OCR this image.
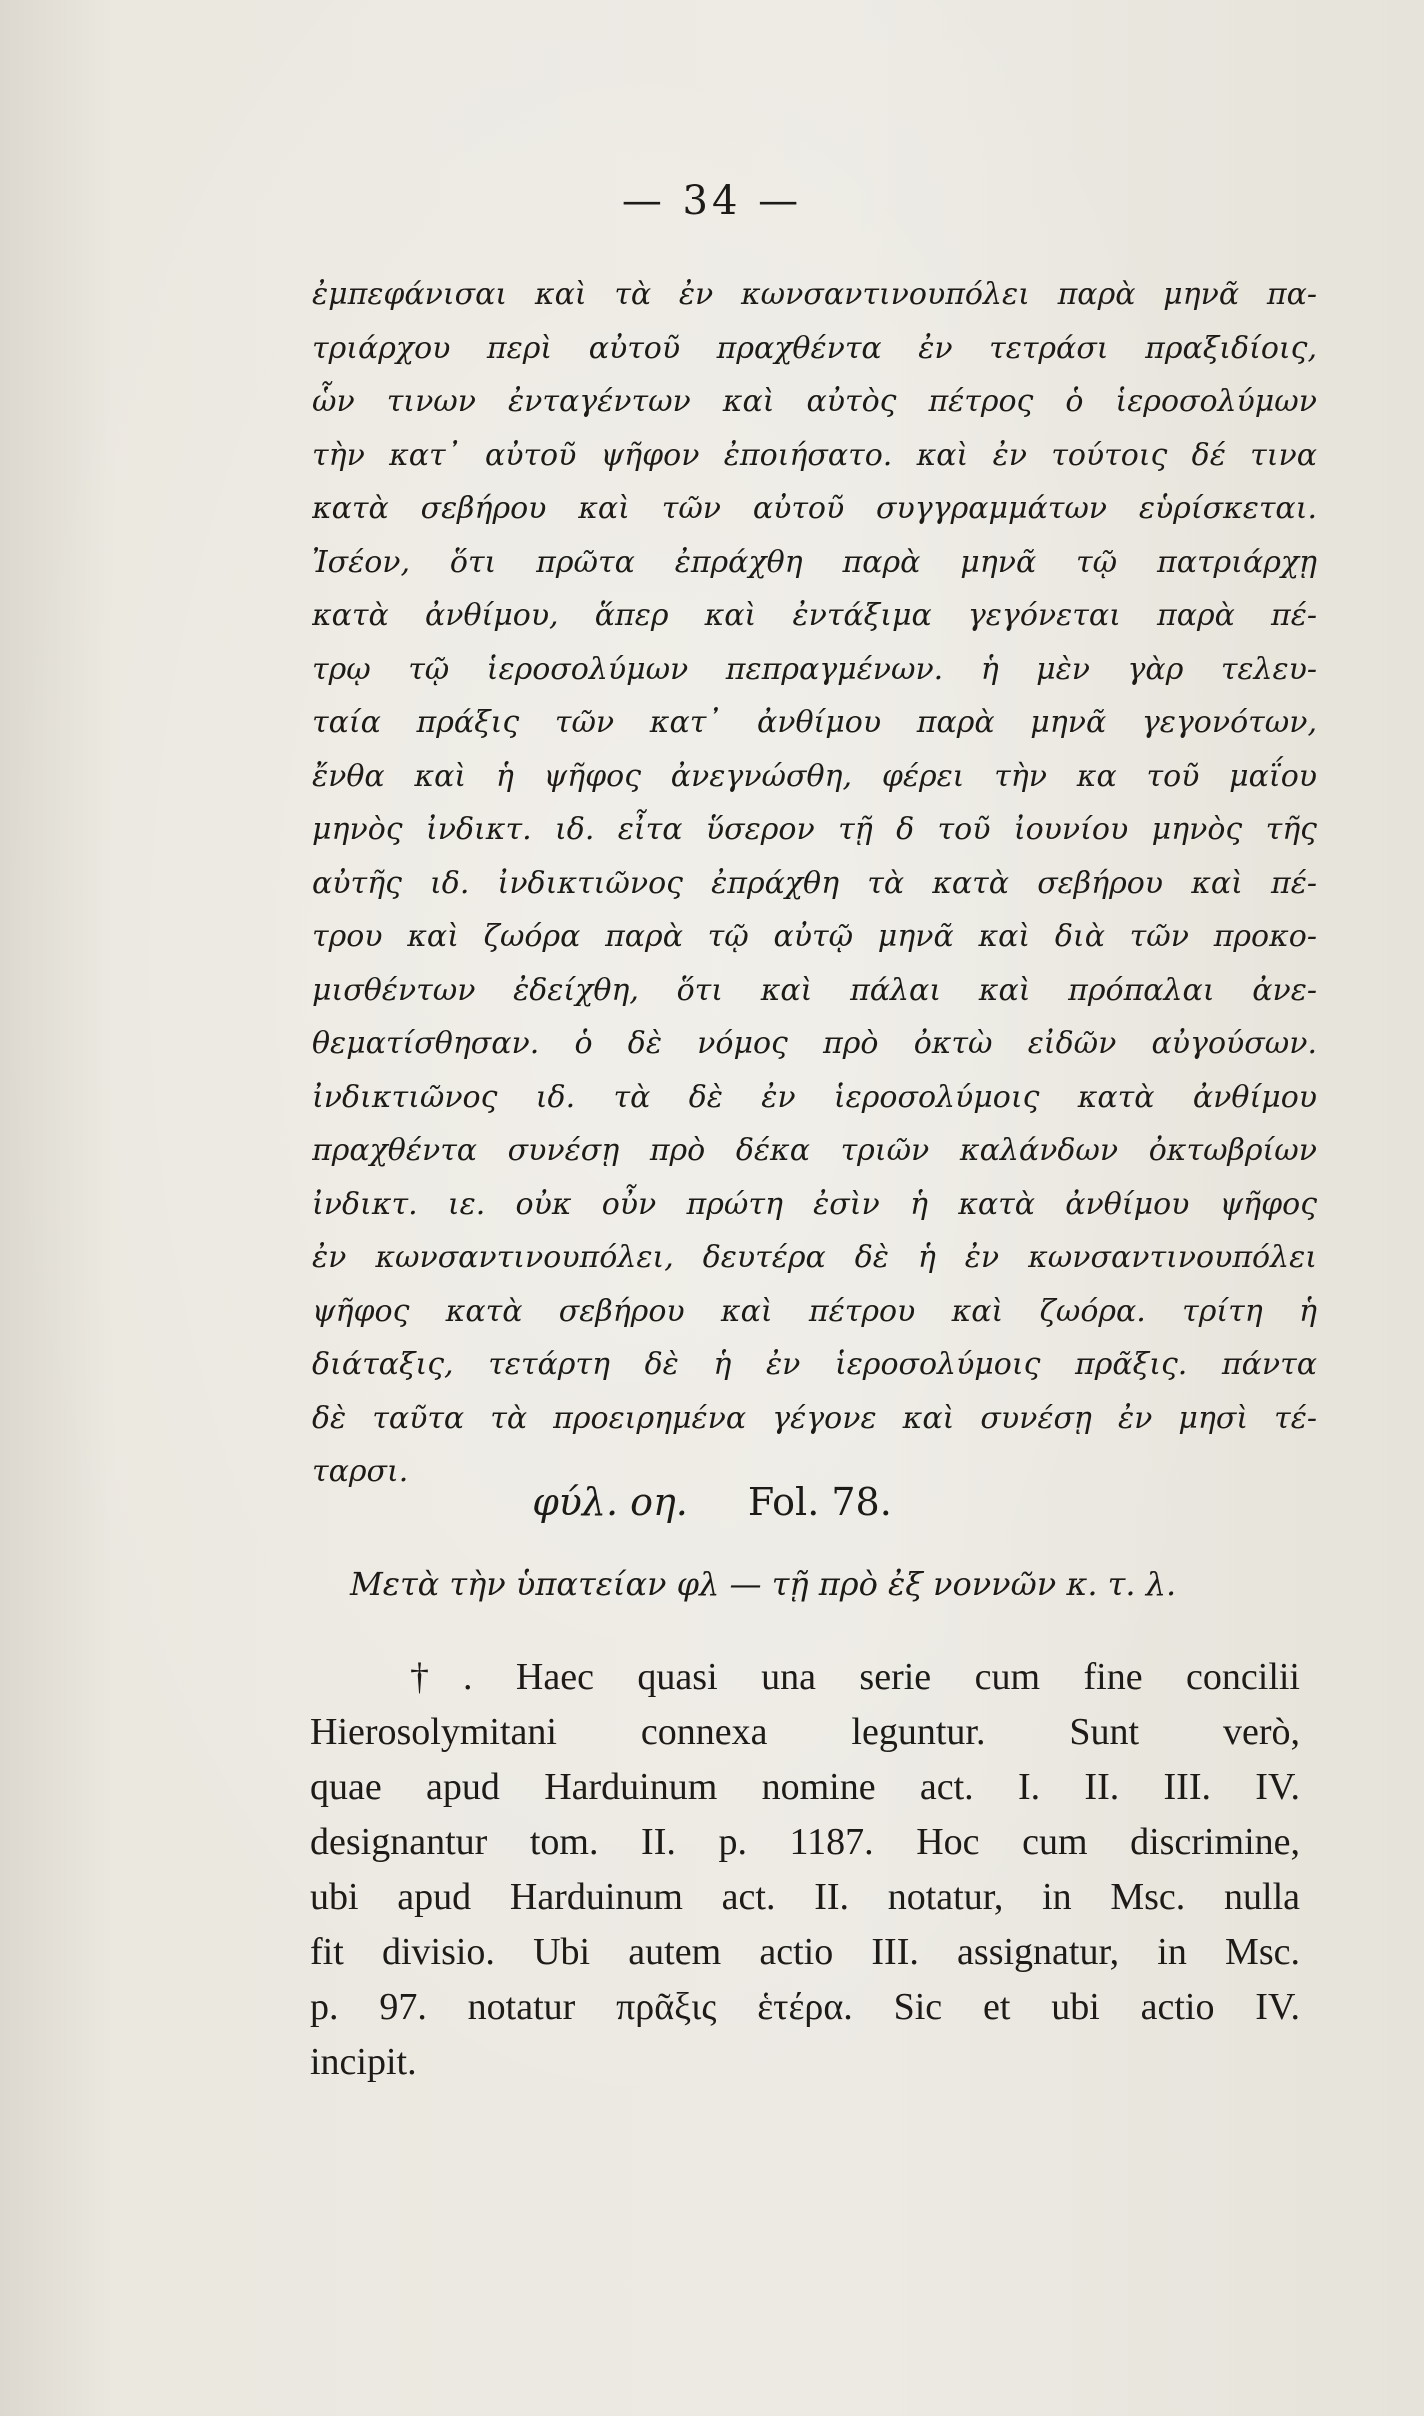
— 34 —
ἐμπεφάνισαι καὶ τὰ ἐν κωνσαντινουπόλει παρὰ μηνᾶ πα-
τριάρχου περὶ αὐτοῦ πραχθέντα ἐν τετράσι πραξιδίοις,
ὧν τινων ἐνταγέντων καὶ αὐτὸς πέτρος ὁ ἱεροσολύμων
τὴν κατ᾽ αὐτοῦ ψῆφον ἐποιήσατο. καὶ ἐν τούτοις δέ τινα
κατὰ σεβήρου καὶ τῶν αὐτοῦ συγγραμμάτων εὑρίσκεται.
Ἰσέον, ὅτι πρῶτα ἐπράχθη παρὰ μηνᾶ τῷ πατριάρχῃ
κατὰ ἀνθίμου, ἅπερ καὶ ἐντάξιμα γεγόνεται παρὰ πέ-
τρῳ τῷ ἱεροσολύμων πεπραγμένων. ἡ μὲν γὰρ τελευ-
ταία πράξις τῶν κατ᾽ ἀνθίμου παρὰ μηνᾶ γεγονότων,
ἔνθα καὶ ἡ ψῆφος ἀνεγνώσθη, φέρει τὴν κα τοῦ μαΐου
μηνὸς ἰνδικτ. ιδ. εἶτα ὕσερον τῇ δ τοῦ ἰουνίου μηνὸς τῆς
αὐτῆς ιδ. ἰνδικτιῶνος ἐπράχθη τὰ κατὰ σεβήρου καὶ πέ-
τρου καὶ ζωόρα παρὰ τῷ αὐτῷ μηνᾶ καὶ διὰ τῶν προκο-
μισθέντων ἐδείχθη, ὅτι καὶ πάλαι καὶ πρόπαλαι ἀνε-
θεματίσθησαν. ὁ δὲ νόμος πρὸ ὀκτὼ εἰδῶν αὐγούσων.
ἰνδικτιῶνος ιδ. τὰ δὲ ἐν ἱεροσολύμοις κατὰ ἀνθίμου
πραχθέντα συνέσῃ πρὸ δέκα τριῶν καλάνδων ὀκτωβρίων
ἰνδικτ. ιε. οὐκ οὖν πρώτη ἐσὶν ἡ κατὰ ἀνθίμου ψῆφος
ἐν κωνσαντινουπόλει, δευτέρα δὲ ἡ ἐν κωνσαντινουπόλει
ψῆφος κατὰ σεβήρου καὶ πέτρου καὶ ζωόρα. τρίτη ἡ
διάταξις, τετάρτη δὲ ἡ ἐν ἱεροσολύμοις πρᾶξις. πάντα
δὲ ταῦτα τὰ προειρημένα γέγονε καὶ συνέσῃ ἐν μησὶ τέ-
ταρσι.
φύλ. οη. Fol. 78.
Μετὰ τὴν ὑπατείαν φλ — τῇ πρὸ ἐξ νοννῶν κ. τ. λ.
†. Haec quasi una serie cum fine concilii
Hierosolymitani connexa leguntur. Sunt verò,
quae apud Harduinum nomine act. I. II. III. IV.
designantur tom. II. p. 1187. Hoc cum discrimine,
ubi apud Harduinum act. II. notatur, in Msc. nulla
fit divisio. Ubi autem actio III. assignatur, in Msc.
p. 97. notatur πρᾶξις ἑτέρα. Sic et ubi actio IV.
incipit.
